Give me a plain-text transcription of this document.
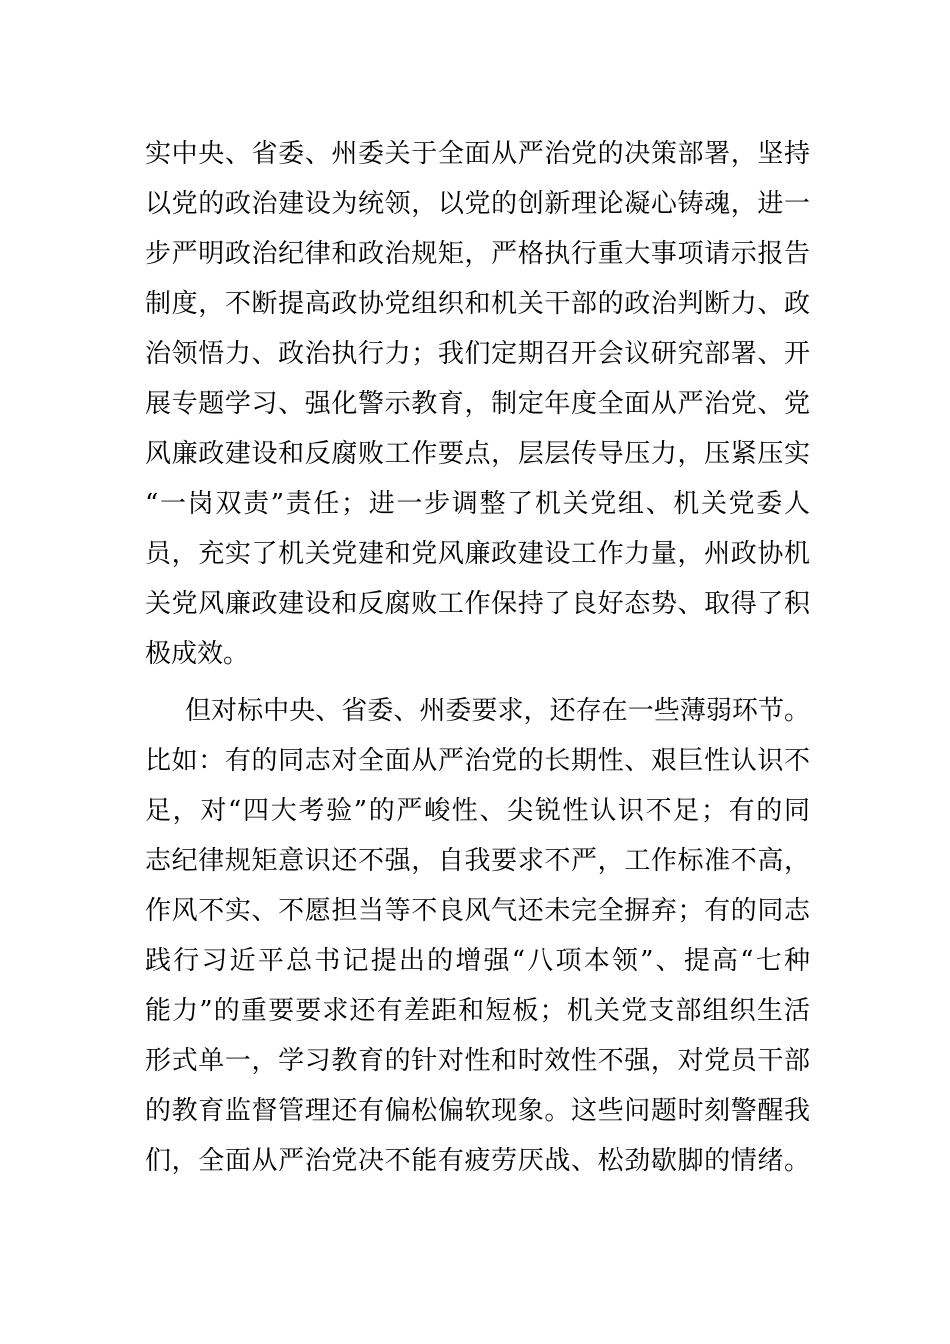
实中央、省委、州委关于全面从严治党的决策部署，坚持
以党的政治建设为统领，以党的创新理论凝心铸魂，进一
步严明政治纪律和政治规矩，严格执行重大事项请示报告
制度，不断提高政协党组织和机关干部的政治判断力、政
治领悟力、政治执行力；我们定期召开会议研究部署、开
展专题学习、强化警示教育，制定年度全面从严治党、党
风廉政建设和反腐败工作要点，层层传导压力，压紧压实
“一岗双责”责任；进一步调整了机关党组、机关党委人
员，充实了机关党建和党风廉政建设工作力量，州政协机
关党风廉政建设和反腐败工作保持了良好态势、取得了积
极成效。
但对标中央、省委、州委要求，还存在一些薄弱环节。
比如：有的同志对全面从严治党的长期性、艰巨性认识不
足，对“四大考验”的严峻性、尖锐性认识不足；有的同
志纪律规矩意识还不强，自我要求不严，工作标准不高，
作风不实、不愿担当等不良风气还未完全摒弃；有的同志
践行习近平总书记提出的增强“八项本领”、提高“七种
能力”的重要要求还有差距和短板；机关党支部组织生活
形式单一，学习教育的针对性和时效性不强，对党员干部
的教育监督管理还有偏松偏软现象。这些问题时刻警醒我
们，全面从严治党决不能有疲劳厌战、松劲歇脚的情绪。
